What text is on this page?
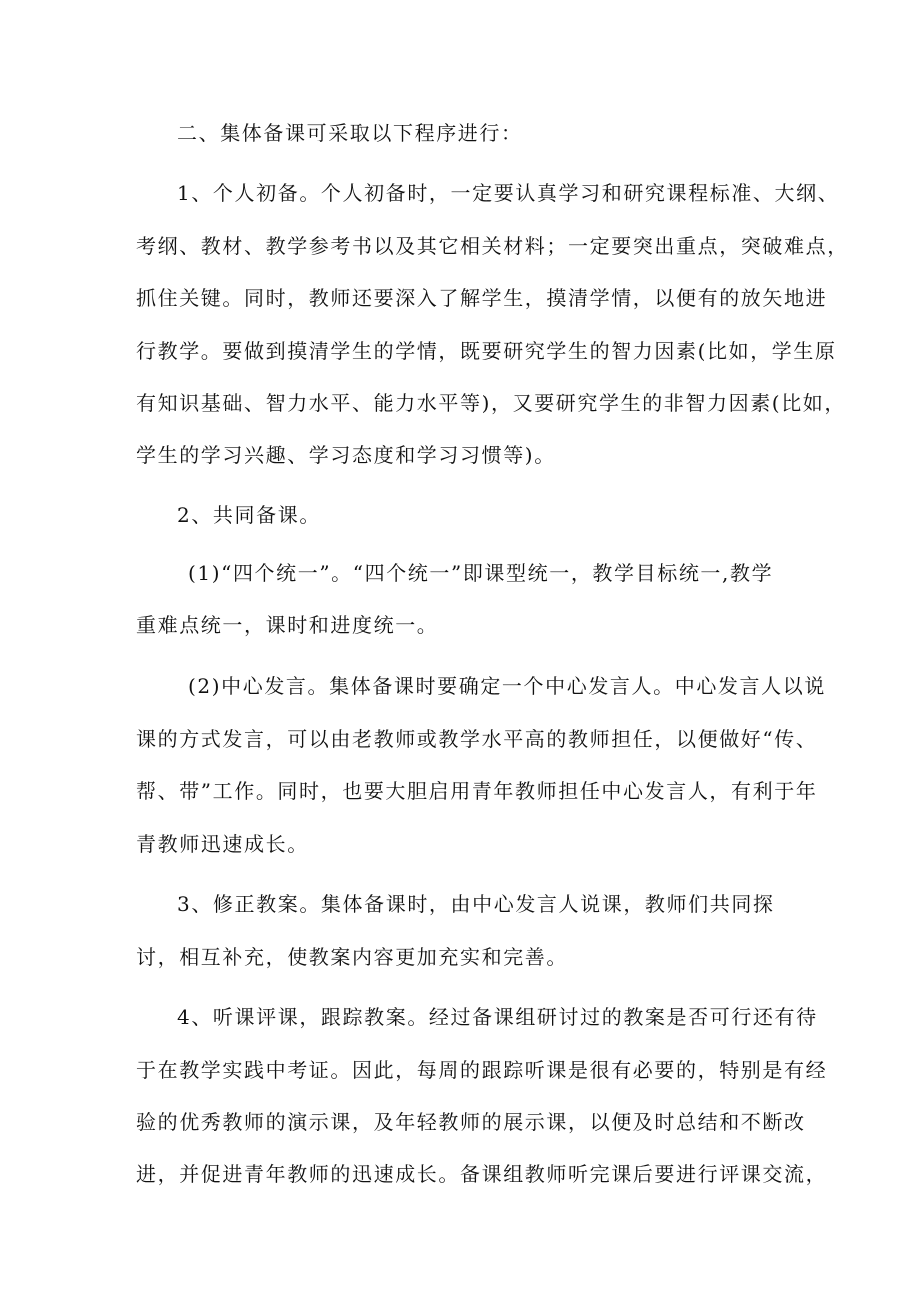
二、集体备课可采取以下程序进行：
1、个人初备。个人初备时，一定要认真学习和研究课程标准、大纲、
考纲、教材、教学参考书以及其它相关材料；一定要突出重点，突破难点，
抓住关键。同时，教师还要深入了解学生，摸清学情，以便有的放矢地进
行教学。要做到摸清学生的学情，既要研究学生的智力因素(比如，学生原
有知识基础、智力水平、能力水平等)，又要研究学生的非智力因素(比如，
学生的学习兴趣、学习态度和学习习惯等)。
2、共同备课。
(1)“四个统一”。“四个统一”即课型统一，教学目标统一,教学
重难点统一，课时和进度统一。
(2)中心发言。集体备课时要确定一个中心发言人。中心发言人以说
课的方式发言，可以由老教师或教学水平高的教师担任，以便做好“传、
帮、带”工作。同时，也要大胆启用青年教师担任中心发言人，有利于年
青教师迅速成长。
3、修正教案。集体备课时，由中心发言人说课，教师们共同探
讨，相互补充，使教案内容更加充实和完善。
4、听课评课，跟踪教案。经过备课组研讨过的教案是否可行还有待
于在教学实践中考证。因此，每周的跟踪听课是很有必要的，特别是有经
验的优秀教师的演示课，及年轻教师的展示课，以便及时总结和不断改
进，并促进青年教师的迅速成长。备课组教师听完课后要进行评课交流，
